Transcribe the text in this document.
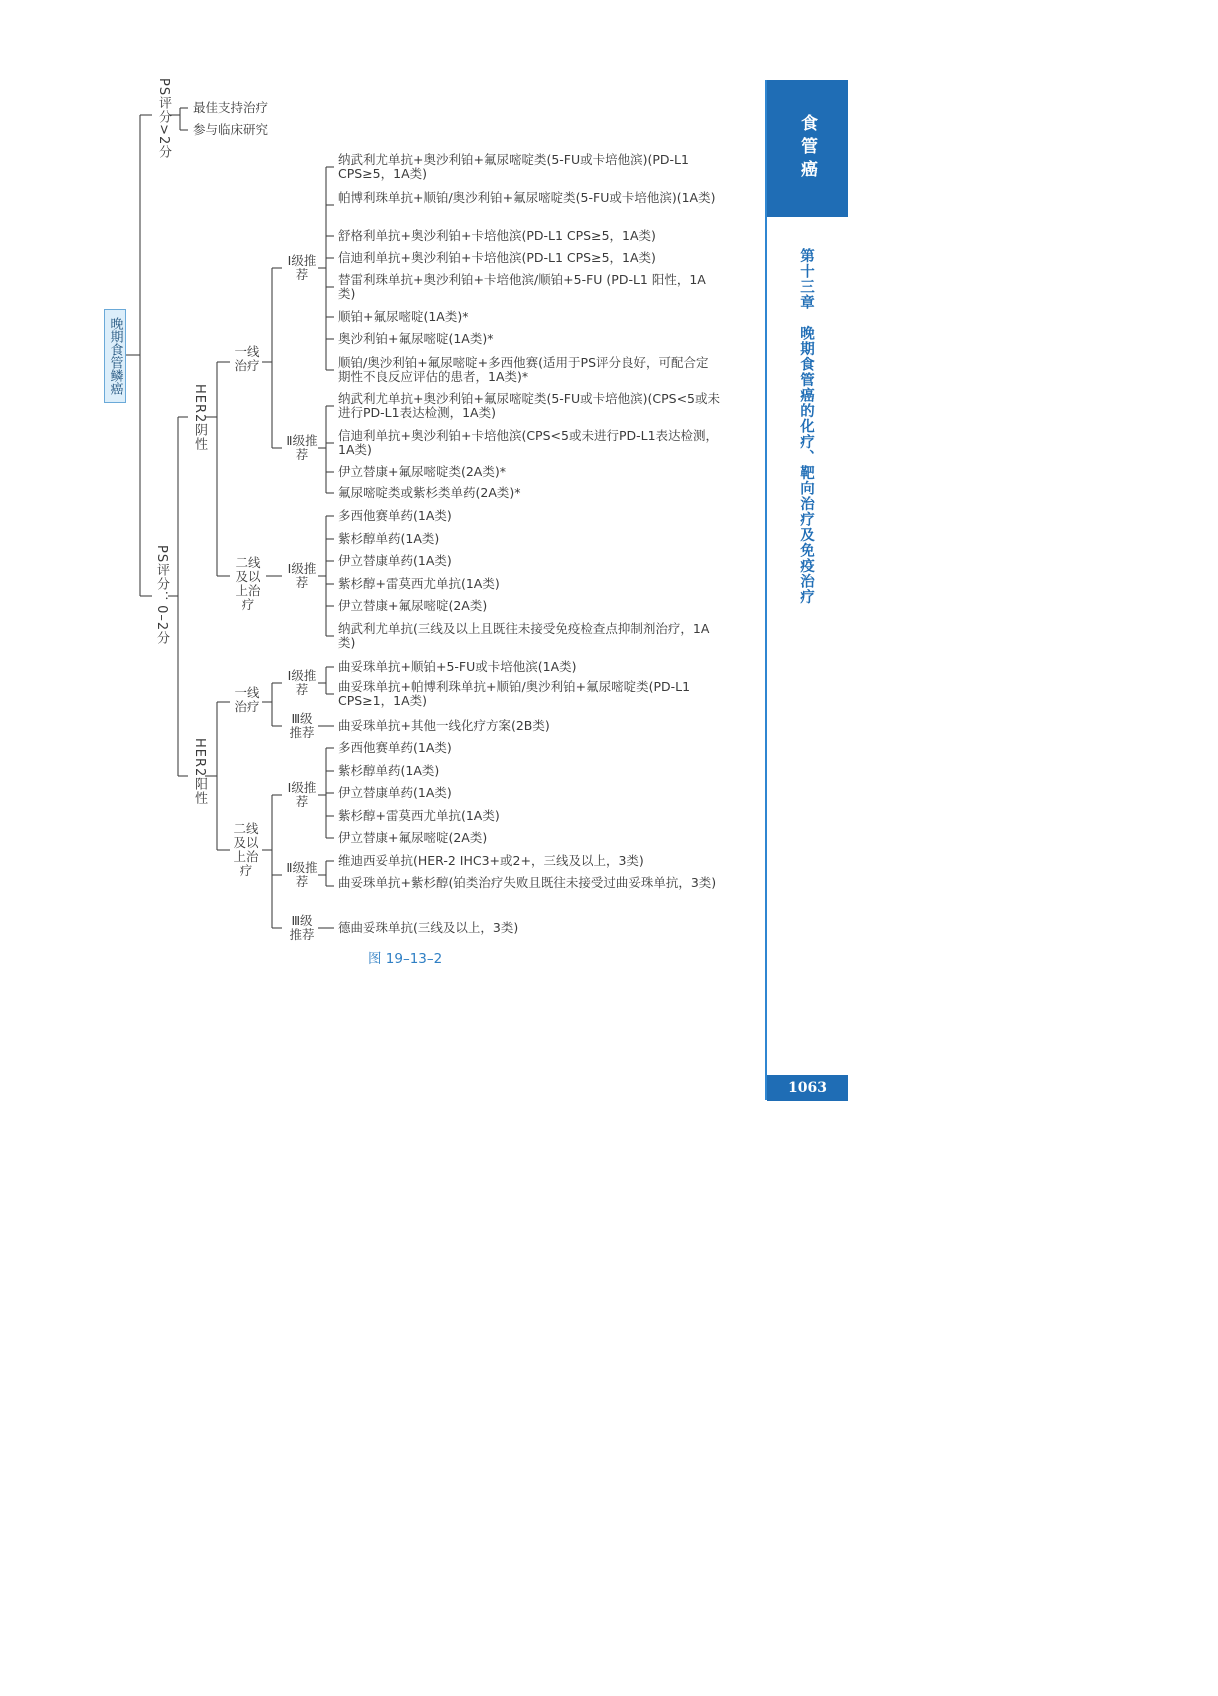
晚期食管鳞癌
PS评分>2分 最佳支持治疗
参与临床研究
PS评分：0–2分
HER2阴性
HER2阳性
一线治疗
二线及以上治疗
Ⅰ级推荐
Ⅱ级推荐
Ⅰ级推荐
纳武利尤单抗+奥沙利铂+氟尿嘧啶类(5-FU或卡培他滨)(PD-L1 CPS≥5，1A类)
帕博利珠单抗+顺铂/奥沙利铂+氟尿嘧啶类(5-FU或卡培他滨)(1A类)
舒格利单抗+奥沙利铂+卡培他滨(PD-L1 CPS≥5，1A类)
信迪利单抗+奥沙利铂+卡培他滨(PD-L1 CPS≥5，1A类)
替雷利珠单抗+奥沙利铂+卡培他滨/顺铂+5-FU (PD-L1 阳性，1A类)
顺铂+氟尿嘧啶(1A类)*
奥沙利铂+氟尿嘧啶(1A类)*
顺铂/奥沙利铂+氟尿嘧啶+多西他赛(适用于PS评分良好，可配合定期性不良反应评估的患者，1A类)*
纳武利尤单抗+奥沙利铂+氟尿嘧啶类(5-FU或卡培他滨)(CPS<5或未进行PD-L1表达检测，1A类)
信迪利单抗+奥沙利铂+卡培他滨(CPS<5或未进行PD-L1表达检测，1A类)
伊立替康+氟尿嘧啶类(2A类)*
氟尿嘧啶类或紫杉类单药(2A类)*
多西他赛单药(1A类)
紫杉醇单药(1A类)
伊立替康单药(1A类)
紫杉醇+雷莫西尤单抗(1A类)
伊立替康+氟尿嘧啶(2A类)
纳武利尤单抗(三线及以上且既往未接受免疫检查点抑制剂治疗，1A类)
一线治疗
二线及以上治疗
Ⅰ级推荐
Ⅲ级推荐
Ⅰ级推荐
Ⅱ级推荐
Ⅲ级推荐
曲妥珠单抗+顺铂+5-FU或卡培他滨(1A类)
曲妥珠单抗+帕博利珠单抗+顺铂/奥沙利铂+氟尿嘧啶类(PD-L1 CPS≥1，1A类)
曲妥珠单抗+其他一线化疗方案(2B类)
多西他赛单药(1A类)
紫杉醇单药(1A类)
伊立替康单药(1A类)
紫杉醇+雷莫西尤单抗(1A类)
伊立替康+氟尿嘧啶(2A类)
维迪西妥单抗(HER-2 IHC3+或2+，三线及以上，3类)
曲妥珠单抗+紫杉醇(铂类治疗失败且既往未接受过曲妥珠单抗，3类)
德曲妥珠单抗(三线及以上，3类)
图 19–13–2
食管癌
第十三章　晚期食管癌的化疗、靶向治疗及免疫治疗
1063
